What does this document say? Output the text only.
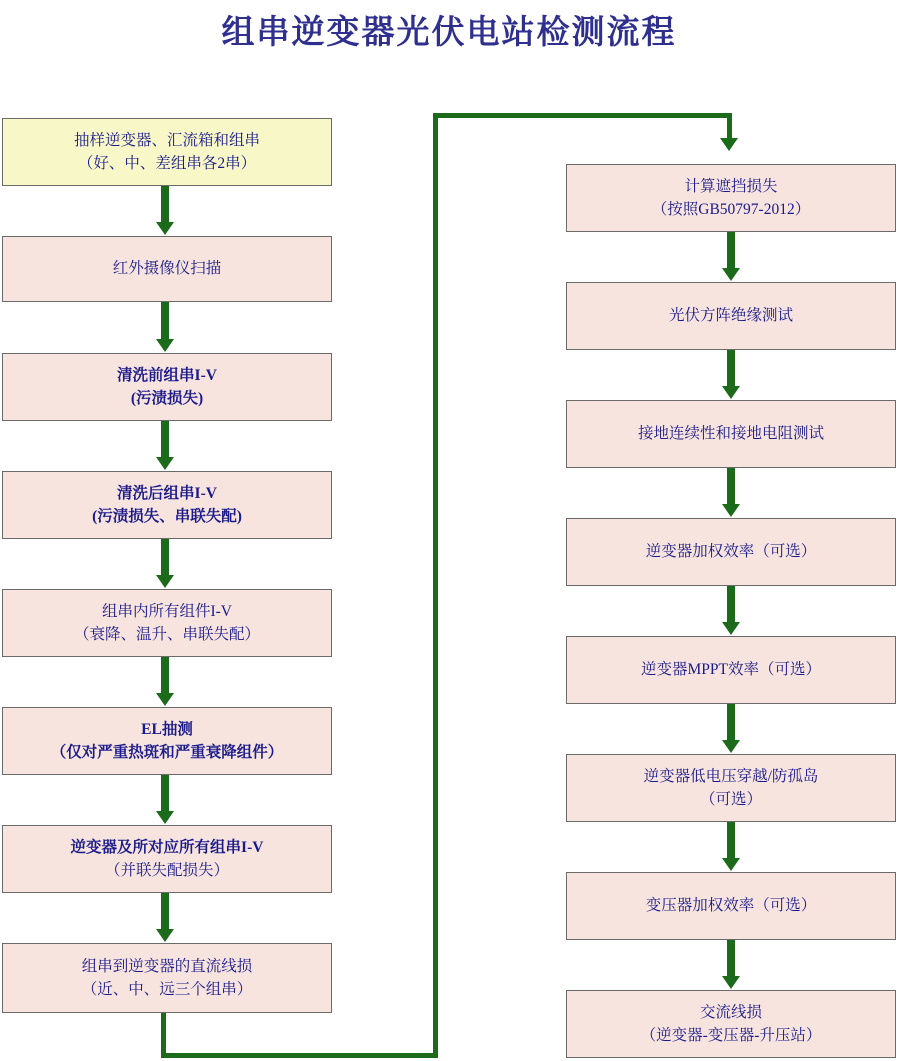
组串逆变器光伏电站检测流程
抽样逆变器、汇流箱和组串
（好、中、差组串各2串）
红外摄像仪扫描
清洗前组串I-V
(污渍损失)
清洗后组串I-V
(污渍损失、串联失配)
组串内所有组件I-V
（衰降、温升、串联失配）
EL抽测
（仅对严重热斑和严重衰降组件）
逆变器及所对应所有组串I-V
（并联失配损失）
组串到逆变器的直流线损
（近、中、远三个组串）
计算遮挡损失
（按照GB50797-2012）
光伏方阵绝缘测试
接地连续性和接地电阻测试
逆变器加权效率（可选）
逆变器MPPT效率（可选）
逆变器低电压穿越/防孤岛
（可选）
变压器加权效率（可选）
交流线损
（逆变器-变压器-升压站）
